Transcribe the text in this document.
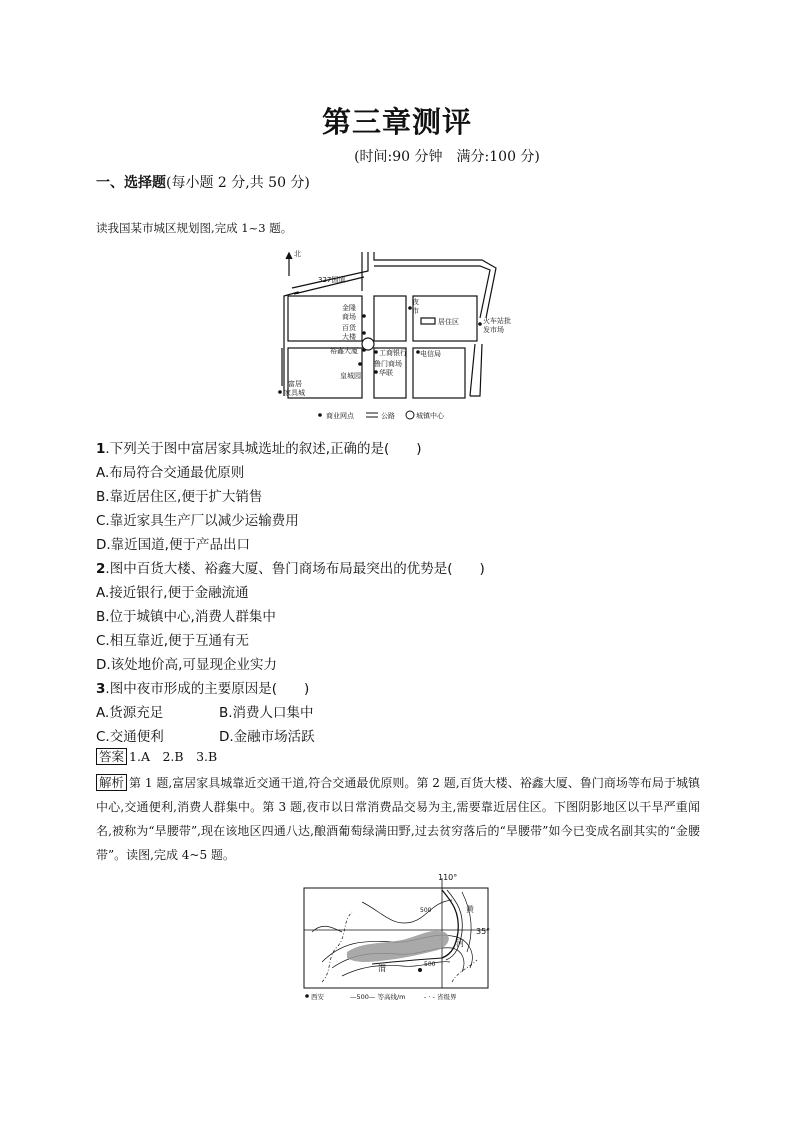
第三章测评
(时间:90 分钟　满分:100 分)
一、选择题(每小题 2 分,共 50 分)
读我国某市城区规划图,完成 1~3 题。
北
327国道
金隆
商场
百货
大楼
夜
市
居住区	火车站批
发市场
裕鑫大厦	工商银行
鲁门商场
电信局
华联
皇城园
富居
家具城
商业网点	公路	城镇中心
1.下列关于图中富居家具城选址的叙述,正确的是(　　)
A.布局符合交通最优原则
B.靠近居住区,便于扩大销售
C.靠近家具生产厂以减少运输费用
D.靠近国道,便于产品出口
2.图中百货大楼、裕鑫大厦、鲁门商场布局最突出的优势是(　　)
A.接近银行,便于金融流通
B.位于城镇中心,消费人群集中
C.相互靠近,便于互通有无
D.该处地价高,可显现企业实力
3.图中夜市形成的主要原因是(　　)
A.货源充足	B.消费人口集中
C.交通便利	D.金融市场活跃
答案 1.A　2.B　3.B
解析 第 1 题,富居家具城靠近交通干道,符合交通最优原则。第 2 题,百货大楼、裕鑫大厦、鲁门商场等布局于城镇中心,交通便利,消费人群集中。第 3 题,夜市以日常消费品交易为主,需要靠近居住区。下图阴影地区以干旱严重闻名,被称为“旱腰带”,现在该地区四通八达,酿酒葡萄绿满田野,过去贫穷落后的“旱腰带”如今已变成名副其实的“金腰带”。读图,完成 4~5 题。
110°
35°
黄
河
渭	500
500
西安	—500— 等高线/m	- · - 省级界
